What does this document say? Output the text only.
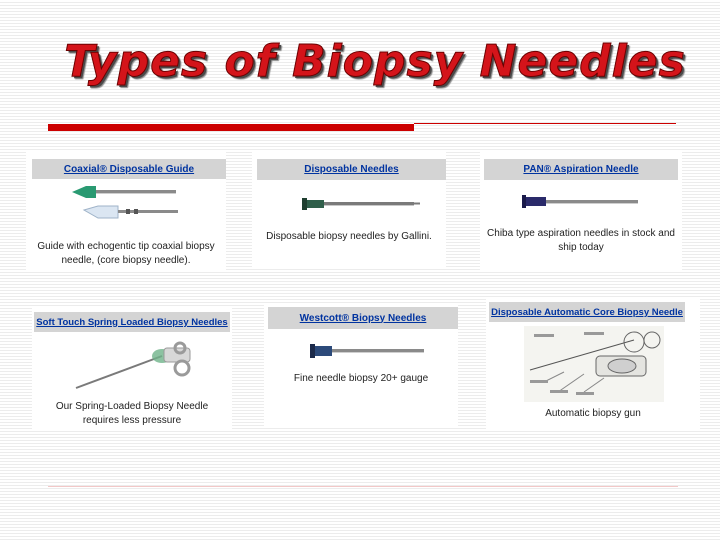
Types of Biopsy Needles
Coaxial® Disposable Guide
Guide with echogentic tip coaxial biopsy needle, (core biopsy needle).
Disposable Needles
Disposable biopsy needles by Gallini.
PAN® Aspiration Needle
Chiba type aspiration needles in stock and ship today
Soft Touch Spring Loaded Biopsy Needles
Our Spring-Loaded Biopsy Needle requires less pressure
Westcott® Biopsy Needles
Fine needle biopsy 20+ gauge
Disposable Automatic Core Biopsy Needle
Automatic biopsy gun
